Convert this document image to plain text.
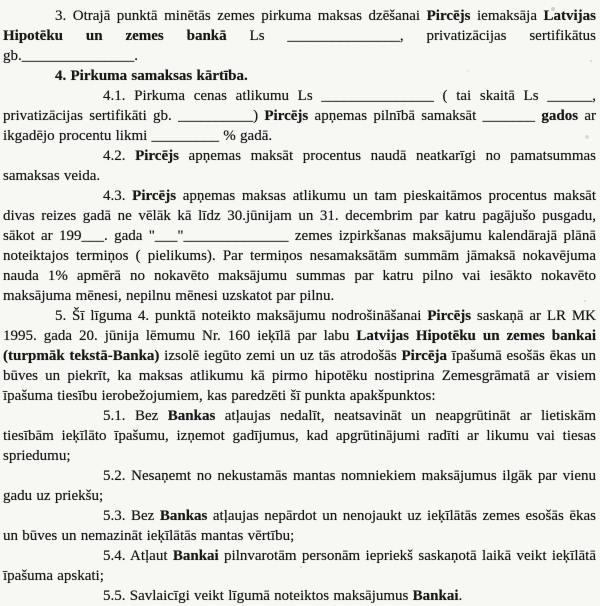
3. Otrajā punktā minētās zemes pirkuma maksas dzēšanai Pircējs iemaksāja Latvijas Hipotēku un zemes bankā Ls _______________, privatizācijas sertifikātus gb._______________.

4. Pirkuma samaksas kārtība.

4.1. Pirkuma cenas atlikumu Ls _______________ ( tai skaitā Ls ______, privatizācijas sertifikāti gb. __________) Pircējs apņemas pilnībā samaksāt _______ gados ar ikgadējo procentu likmi _________ % gadā.

4.2. Pircējs apņemas maksāt procentus naudā neatkarīgi no pamatsummas samaksas veida.

4.3. Pircējs apņemas maksas atlikumu un tam pieskaitāmos procentus maksāt divas reizes gadā ne vēlāk kā līdz 30.jūnijam un 31. decembrim par katru pagājušo pusgadu, sākot ar 199___. gada "___"______________ zemes izpirkšanas maksājumu kalendārajā plānā noteiktajos termiņos ( pielikums). Par termiņos nesamaksātām summām jāmaksā nokavējuma nauda 1% apmērā no nokavēto maksājumu summas par katru pilno vai iesākto nokavēto maksājuma mēnesi, nepilnu mēnesi uzskatot par pilnu.

5. Šī līguma 4. punktā noteikto maksājumu nodrošināšanai Pircējs saskaņā ar LR MK 1995. gada 20. jūnija lēmumu Nr. 160 ieķīlā par labu Latvijas Hipotēku un zemes bankai (turpmāk tekstā-Banka) izsolē iegūto zemi un uz tās atrodošās Pircēja īpašumā esošās ēkas un būves un piekrīt, ka maksas atlikumu kā pirmo hipotēku nostiprina Zemesgrāmatā ar visiem īpašuma tiesību ierobežojumiem, kas paredzēti šī punkta apakšpunktos:

5.1. Bez Bankas atļaujas nedalīt, neatsavināt un neapgrūtināt ar lietiskām tiesībām ieķīlāto īpašumu, izņemot gadījumus, kad apgrūtinājumi radīti ar likumu vai tiesas spriedumu;

5.2. Nesaņemt no nekustamās mantas nomniekiem maksājumus ilgāk par vienu gadu uz priekšu;

5.3. Bez Bankas atļaujas nepārdot un nenojaukt uz ieķīlātās zemes esošās ēkas un būves un nemazināt ieķīlātās mantas vērtību;

5.4. Atļaut Bankai pilnvarotām personām iepriekš saskaņotā laikā veikt ieķīlātā īpašuma apskati;

5.5. Savlaicīgi veikt līgumā noteiktos maksājumus Bankai.
